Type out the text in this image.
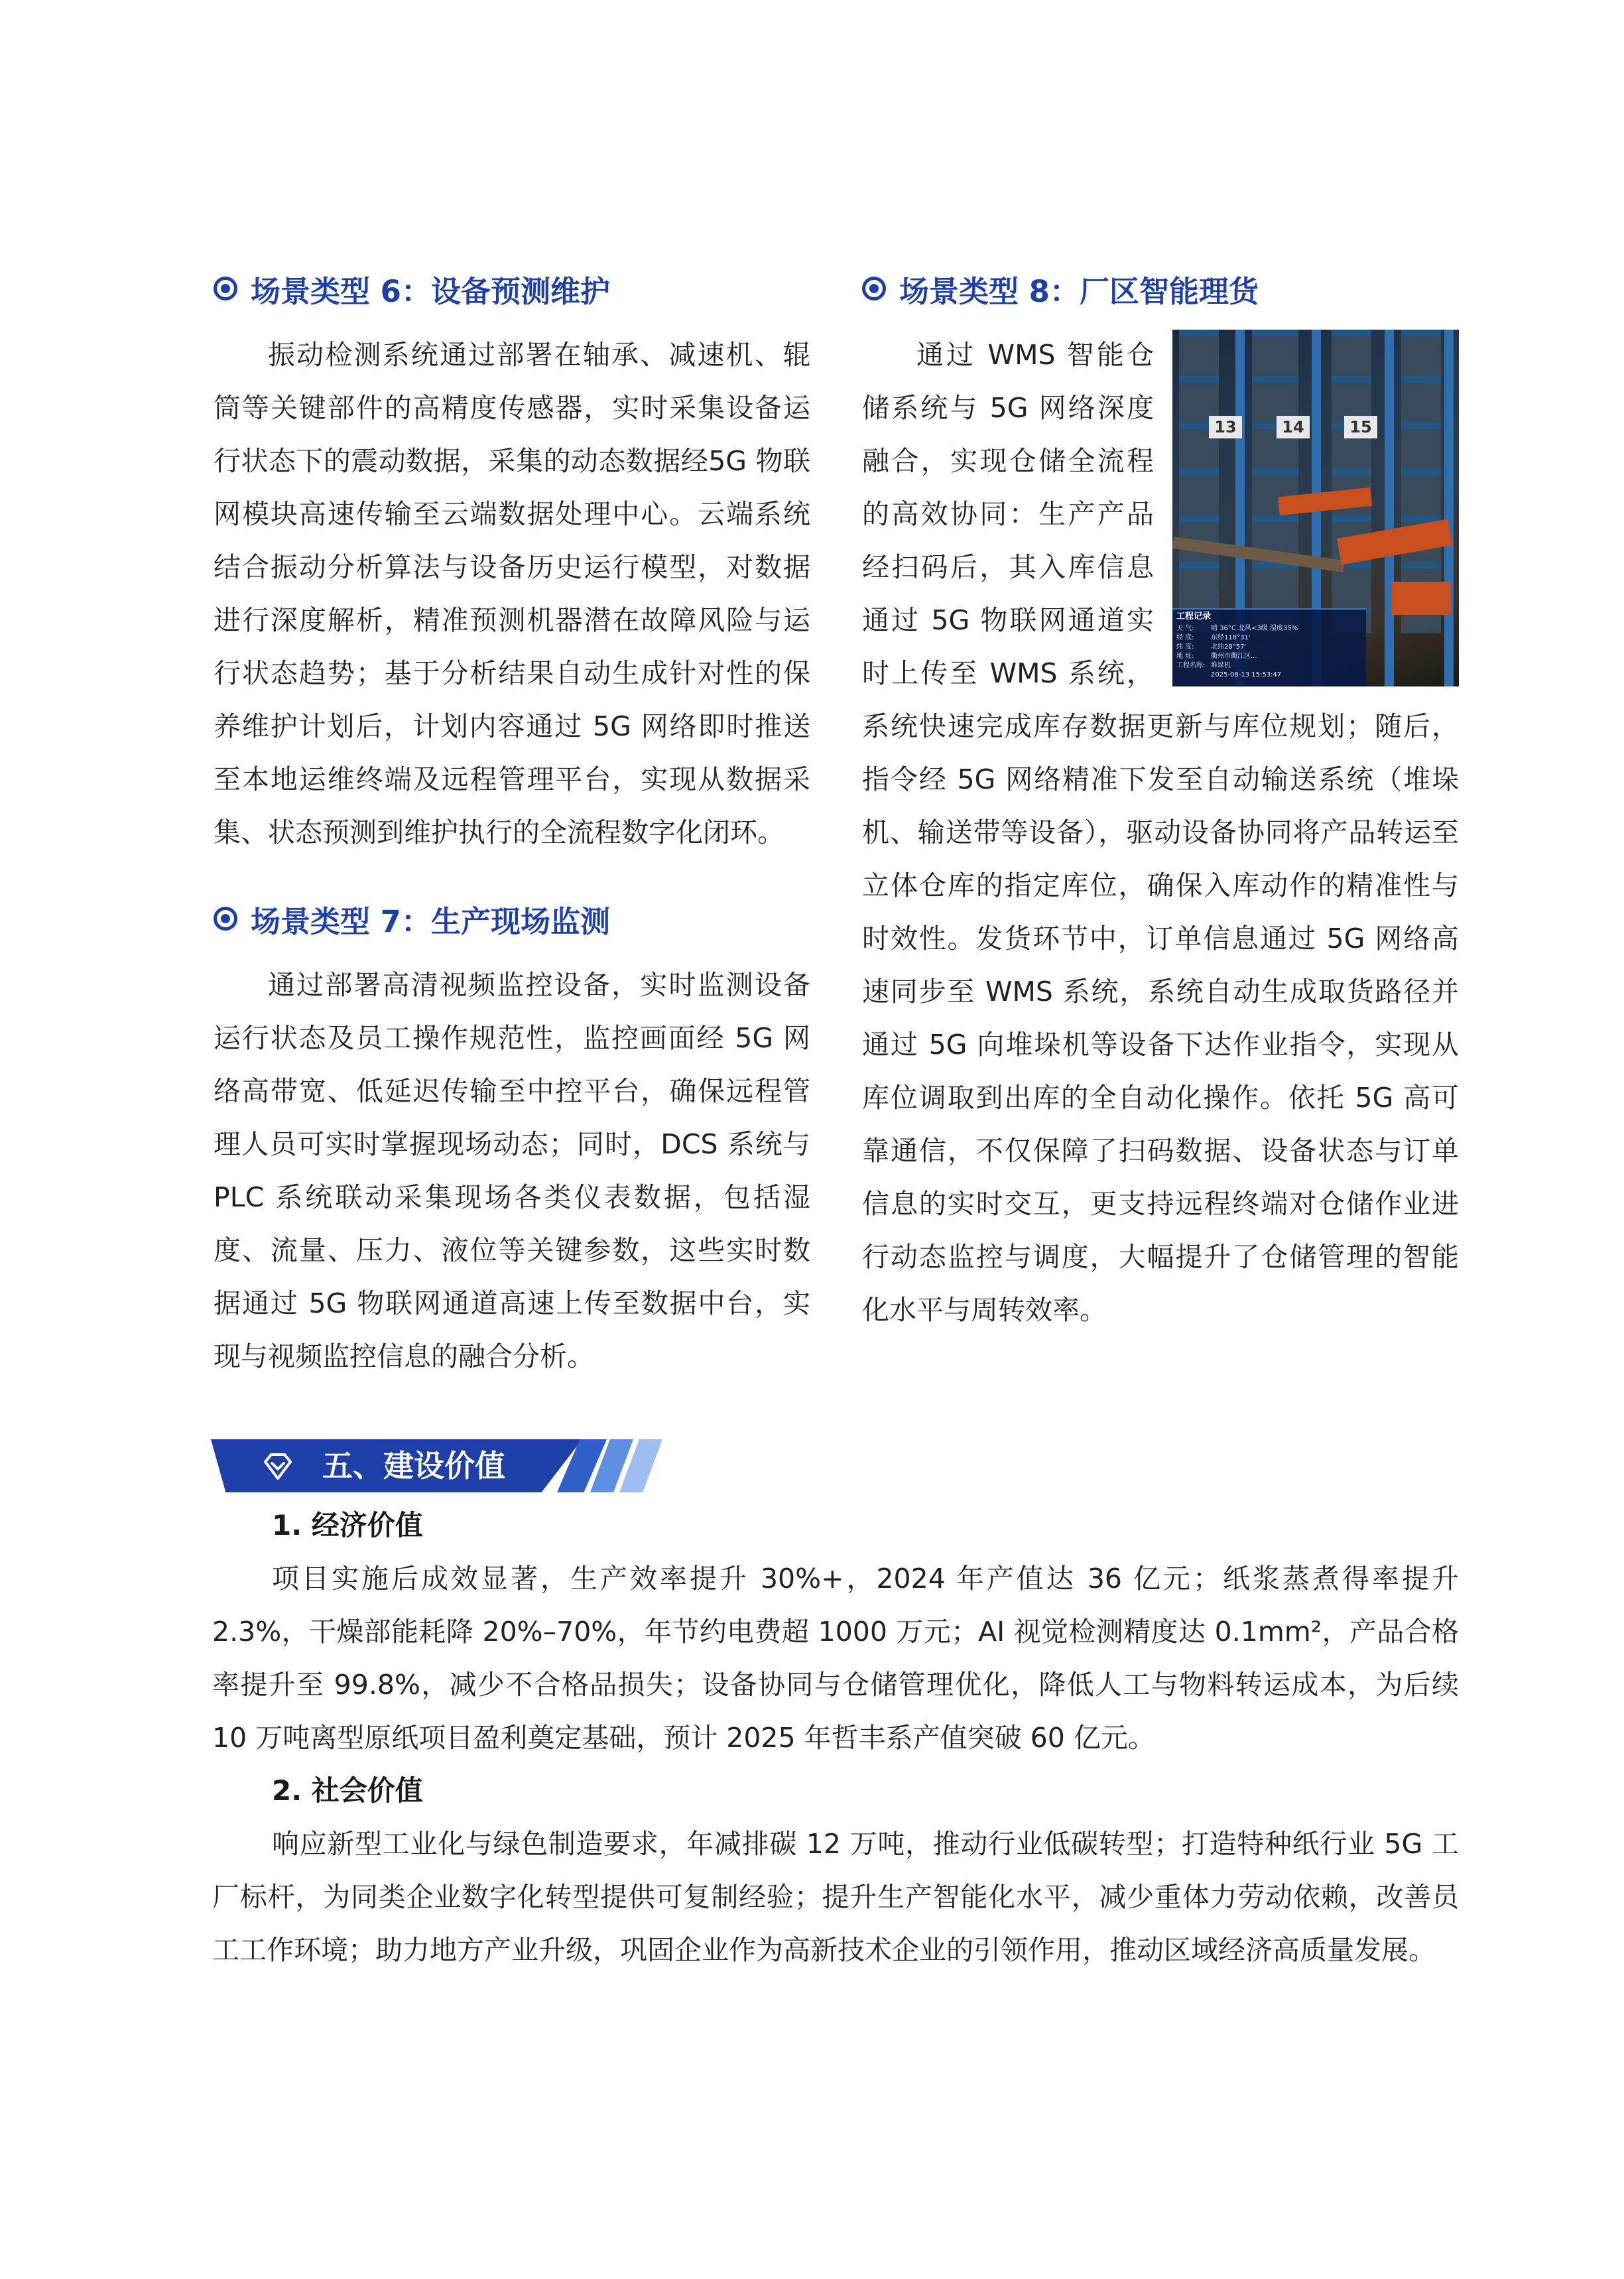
场景类型 6：设备预测维护

振动检测系统通过部署在轴承、减速机、辊筒等关键部件的高精度传感器，实时采集设备运行状态下的震动数据，采集的动态数据经5G 物联网模块高速传输至云端数据处理中心。云端系统结合振动分析算法与设备历史运行模型，对数据进行深度解析，精准预测机器潜在故障风险与运行状态趋势；基于分析结果自动生成针对性的保养维护计划后，计划内容通过 5G 网络即时推送至本地运维终端及远程管理平台，实现从数据采集、状态预测到维护执行的全流程数字化闭环。

场景类型 7：生产现场监测

通过部署高清视频监控设备，实时监测设备运行状态及员工操作规范性，监控画面经 5G 网络高带宽、低延迟传输至中控平台，确保远程管理人员可实时掌握现场动态；同时，DCS 系统与 PLC 系统联动采集现场各类仪表数据，包括湿度、流量、压力、液位等关键参数，这些实时数据通过 5G 物联网通道高速上传至数据中台，实现与视频监控信息的融合分析。

场景类型 8：厂区智能理货
13	14	15
工程记录
天 气:	晴 36°C 北风<3级 湿度35%
经 度:	东经118°31'
纬 度:	北纬28°57'
地 址:	衢州市衢江区...
工程名称: 堆垛机
2025-08-13 15:53:47

通过 WMS 智能仓储系统与 5G 网络深度融合，实现仓储全流程的高效协同：生产产品经扫码后，其入库信息通过 5G 物联网通道实时上传至 WMS 系统，系统快速完成库存数据更新与库位规划；随后，指令经 5G 网络精准下发至自动输送系统（堆垛机、输送带等设备），驱动设备协同将产品转运至立体仓库的指定库位，确保入库动作的精准性与时效性。发货环节中，订单信息通过 5G 网络高速同步至 WMS 系统，系统自动生成取货路径并通过 5G 向堆垛机等设备下达作业指令，实现从库位调取到出库的全自动化操作。依托 5G 高可靠通信，不仅保障了扫码数据、设备状态与订单信息的实时交互，更支持远程终端对仓储作业进行动态监控与调度，大幅提升了仓储管理的智能化水平与周转效率。

五、建设价值
1. 经济价值

项目实施后成效显著，生产效率提升 30%+，2024 年产值达 36 亿元；纸浆蒸煮得率提升 2.3%，干燥部能耗降 20%–70%，年节约电费超 1000 万元；AI 视觉检测精度达 0.1mm²，产品合格率提升至 99.8%，减少不合格品损失；设备协同与仓储管理优化，降低人工与物料转运成本，为后续 10 万吨离型原纸项目盈利奠定基础，预计 2025 年哲丰系产值突破 60 亿元。

2. 社会价值

响应新型工业化与绿色制造要求，年减排碳 12 万吨，推动行业低碳转型；打造特种纸行业 5G 工厂标杆，为同类企业数字化转型提供可复制经验；提升生产智能化水平，减少重体力劳动依赖，改善员工工作环境；助力地方产业升级，巩固企业作为高新技术企业的引领作用，推动区域经济高质量发展。
